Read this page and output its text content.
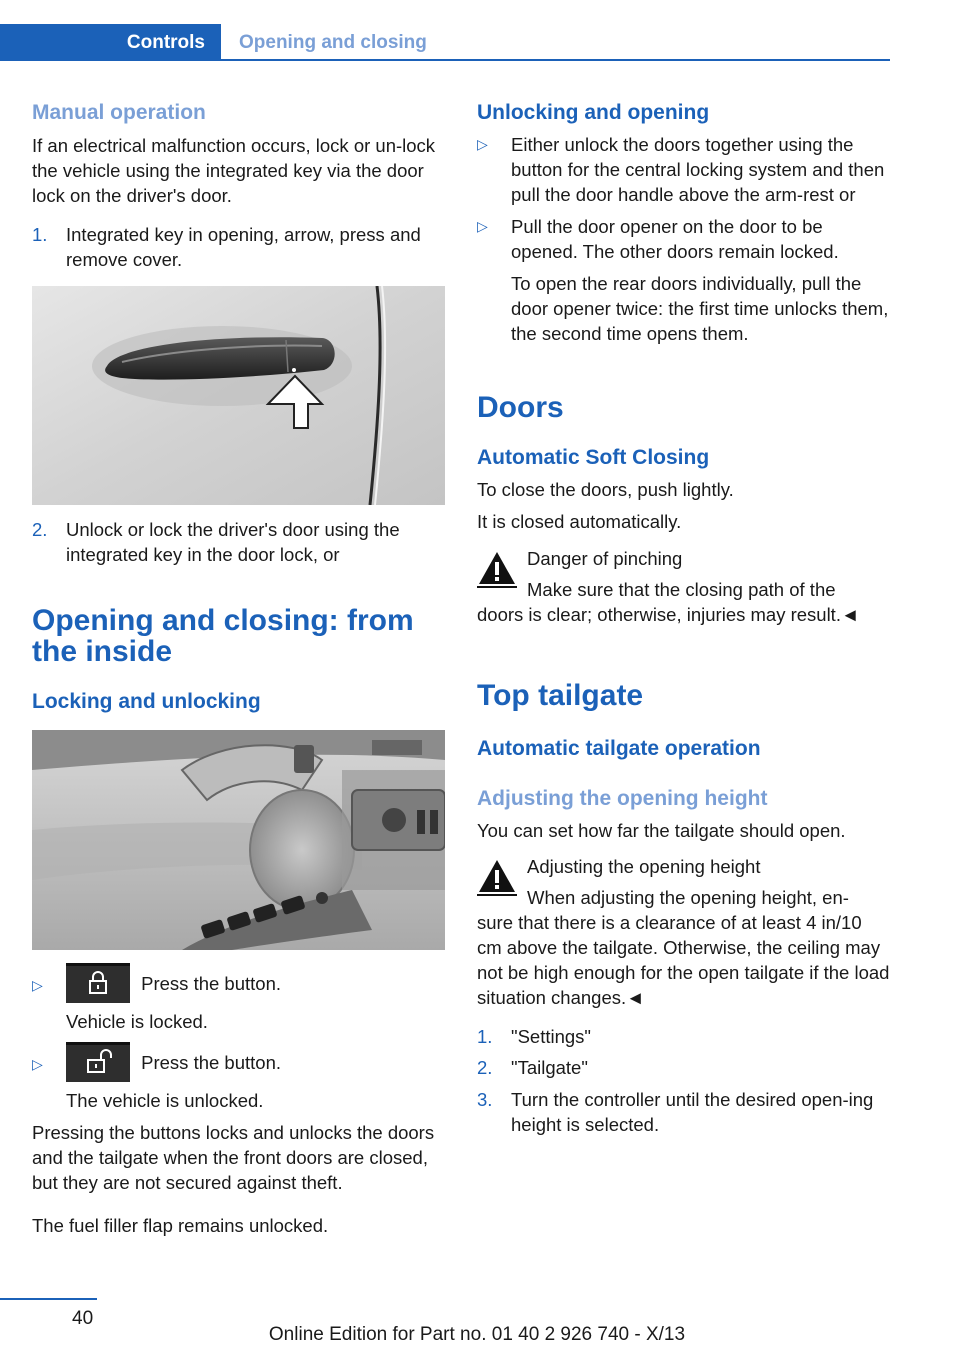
Controls	Opening and closing
Manual operation

If an electrical malfunction occurs, lock or un-lock the vehicle using the integrated key via the door lock on the driver's door.

1. Integrated key in opening, arrow, press and remove cover.
2. Unlock or lock the driver's door using the integrated key in the door lock, or
Opening and closing: from the inside
Locking and unlocking
▷	Press the button.

Vehicle is locked.

▷	Press the button.

The vehicle is unlocked.

Pressing the buttons locks and unlocks the doors and the tailgate when the front doors are closed, but they are not secured against theft.

The fuel filler flap remains unlocked.

Unlocking and opening
▷ Either unlock the doors together using the button for the central locking system and then pull the door handle above the arm-rest or
▷ Pull the door opener on the door to be opened. The other doors remain locked.

To open the rear doors individually, pull the door opener twice: the first time unlocks them, the second time opens them.

Doors
Automatic Soft Closing

To close the doors, push lightly.

It is closed automatically.

Danger of pinching

Make sure that the closing path of the

doors is clear; otherwise, injuries may result.◄

Top tailgate
Automatic tailgate operation
Adjusting the opening height

You can set how far the tailgate should open.

Adjusting the opening height

When adjusting the opening height, en-

sure that there is a clearance of at least 4 in/10 cm above the tailgate. Otherwise, the ceiling may not be high enough for the open tailgate if the load situation changes.◄

1. "Settings"
2. "Tailgate"
3. Turn the controller until the desired open-ing height is selected.
40
Online Edition for Part no. 01 40 2 926 740 - X/13
